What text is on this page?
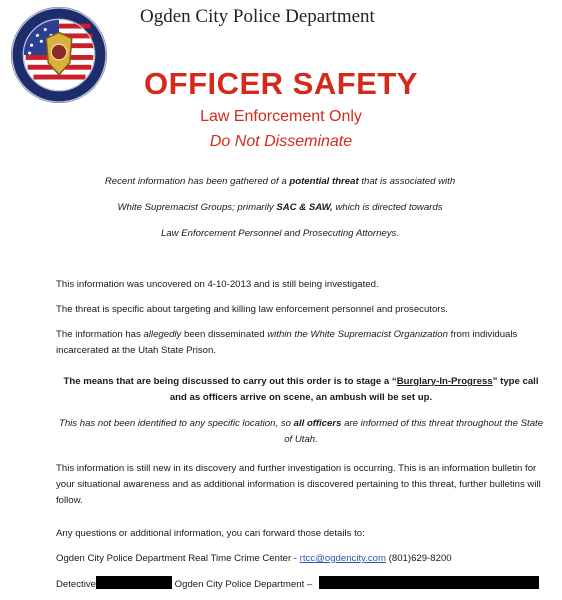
Ogden City Police Department
OFFICER SAFETY
Law Enforcement Only
Do Not Disseminate
Recent information has been gathered of a potential threat that is associated with
White Supremacist Groups; primarily SAC & SAW, which is directed towards
Law Enforcement Personnel and Prosecuting Attorneys.
This information was uncovered on 4-10-2013 and is still being investigated.
The threat is specific about targeting and killing law enforcement personnel and prosecutors.
The information has allegedly been disseminated within the White Supremacist Organization from individuals incarcerated at the Utah State Prison.
The means that are being discussed to carry out this order is to stage a “Burglary-In-Progress” type call and as officers arrive on scene, an ambush will be set up.
This has not been identified to any specific location, so all officers are informed of this threat throughout the State of Utah.
This information is still new in its discovery and further investigation is occurring. This is an information bulletin for your situational awareness and as additional information is discovered pertaining to this threat, further bulletins will follow.
Any questions or additional information, you can forward those details to:
Ogden City Police Department Real Time Crime Center - rtcc@ogdencity.com (801)629-8200
Detective	Ogden City Police Department –
